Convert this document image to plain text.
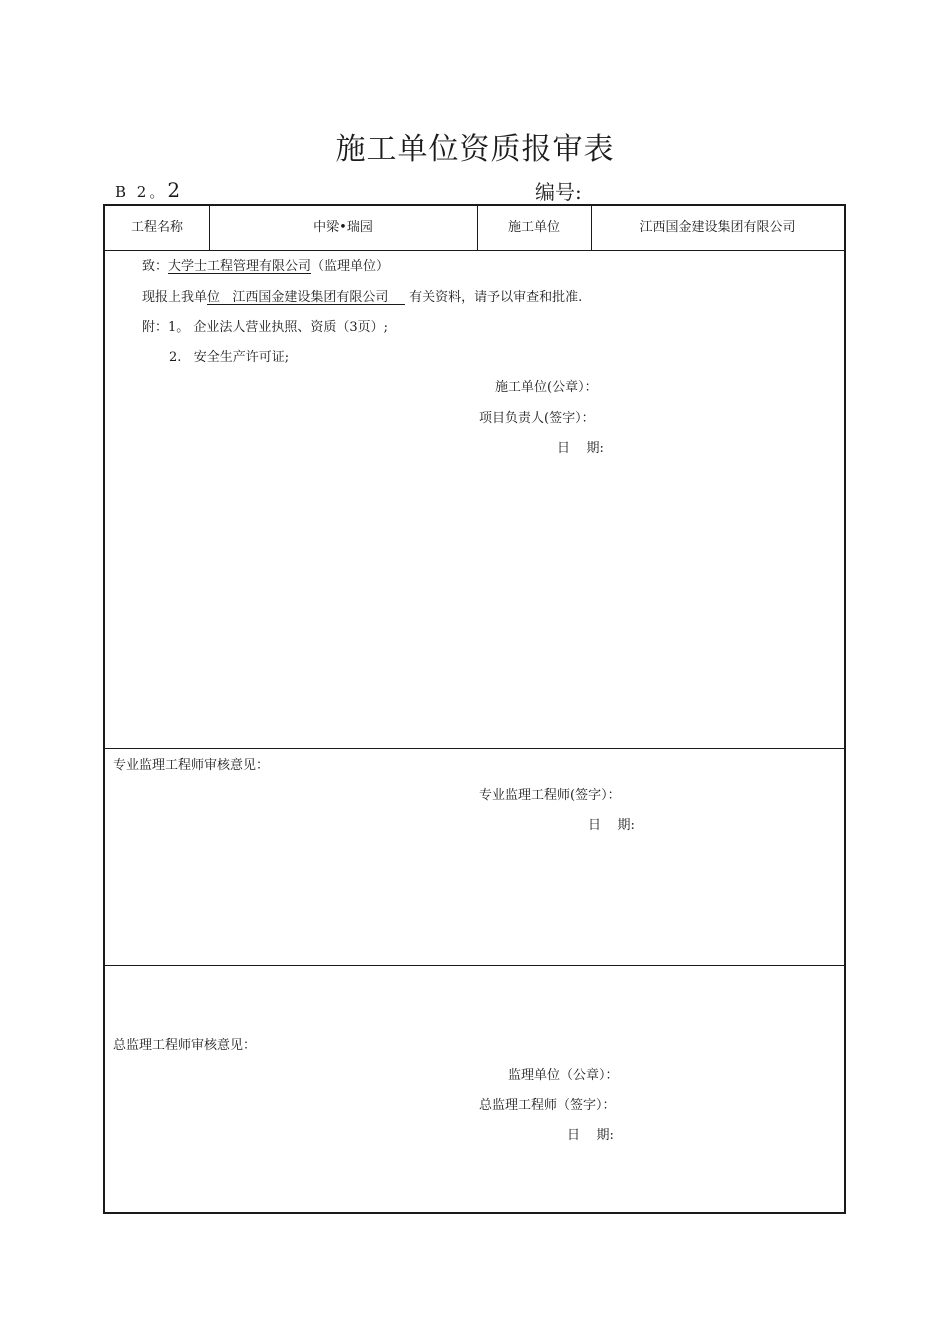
施工单位资质报审表
B 2。2	编号:
工程名称	中梁•瑞园	施工单位	江西国金建设集团有限公司
致：大学士工程管理有限公司（监理单位）
现报上我单位   江西国金建设集团有限公司     有关资料，请予以审查和批准.
附：1。 企业法人营业执照、资质（3页）;
2.   安全生产许可证;
施工单位(公章）：
项目负责人(签字）：
日    期:
专业监理工程师审核意见：
专业监理工程师(签字）：
日    期:
总监理工程师审核意见：
监理单位（公章）：
总监理工程师（签字）：
日    期:
